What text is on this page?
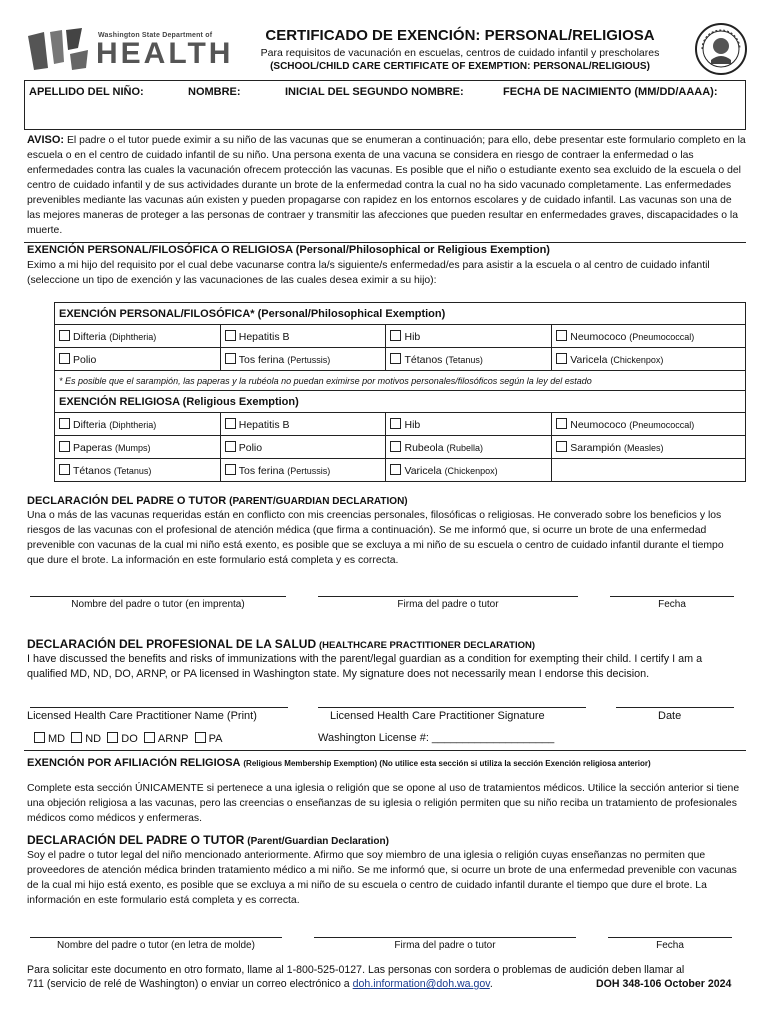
Washington State Department of
HEALTH
CERTIFICADO DE EXENCIÓN: PERSONAL/RELIGIOSA
Para requisitos de vacunación en escuelas, centros de cuidado infantil y prescholares
(SCHOOL/CHILD CARE CERTIFICATE OF EXEMPTION: PERSONAL/RELIGIOUS)
APELLIDO DEL NIÑO:	NOMBRE:	INICIAL DEL SEGUNDO NOMBRE:	FECHA DE NACIMIENTO (MM/DD/AAAA):
AVISO: El padre o el tutor puede eximir a su niño de las vacunas que se enumeran a continuación; para ello, debe presentar este formulario completo en la escuela o en el centro de cuidado infantil de su niño. Una persona exenta de una vacuna se considera en riesgo de contraer la enfermedad o las enfermedades contra las cuales la vacunación ofrecem protección las vacunas. Es posible que el niño o estudiante exento sea excluido de la escuela o del centro de cuidado infantil y de sus actividades durante un brote de la enfermedad contra la cual no ha sido vacunado completamente. Las enfermedades prevenibles mediante las vacunas aún existen y pueden propagarse con rapidez en los entornos escolares y de cuidado infantil. Las vacunas son una de las mejores maneras de proteger a las personas de contraer y transmitir las afecciones que pueden resultar en enfermedades graves, discapacidades o la muerte.
EXENCIÓN PERSONAL/FILOSÓFICA O RELIGIOSA (Personal/Philosophical or Religious Exemption)
Eximo a mi hijo del requisito por el cual debe vacunarse contra la/s siguiente/s enfermedad/es para asistir a la escuela o al centro de cuidado infantil (seleccione un tipo de exención y las vacunaciones de las cuales desea eximir a su hijo):
EXENCIÓN PERSONAL/FILOSÓFICA* (Personal/Philosophical Exemption)			
Difteria (Diphtheria)	Hepatitis B	Hib	Neumococo (Pneumococcal)
Polio	Tos ferina (Pertussis)	Tétanos (Tetanus)	Varicela (Chickenpox)
* Es posible que el sarampión, las paperas y la rubéola no puedan eximirse por motivos personales/filosóficos según la ley del estado			
EXENCIÓN RELIGIOSA (Religious Exemption)			
Difteria (Diphtheria)	Hepatitis B	Hib	Neumococo (Pneumococcal)
Paperas (Mumps)	Polio	Rubeola (Rubella)	Sarampión (Measles)
Tétanos (Tetanus)	Tos ferina (Pertussis)	Varicela (Chickenpox)	
DECLARACIÓN DEL PADRE O TUTOR (PARENT/GUARDIAN DECLARATION)
Una o más de las vacunas requeridas están en conflicto con mis creencias personales, filosóficas o religiosas. He converado sobre los beneficios y los riesgos de las vacunas con el profesional de atención médica (que firma a continuación). Se me informó que, si ocurre un brote de una enfermedad prevenible con vacunas de la cual mi niño está exento, es posible que se excluya a mi niño de su escuela o centro de cuidado infantil durante el tiempo que dure el brote. La información en este formulario está completa y es correcta.
Nombre del padre o tutor (en imprenta)	Firma del padre o tutor	Fecha
DECLARACIÓN DEL PROFESIONAL DE LA SALUD (HEALTHCARE PRACTITIONER DECLARATION)
I have discussed the benefits and risks of immunizations with the parent/legal guardian as a condition for exempting their child. I certify I am a qualified MD, ND, DO, ARNP, or PA licensed in Washington state. My signature does not necessarily mean I endorse this decision.
Licensed Health Care Practitioner Name (Print)	Licensed Health Care Practitioner Signature	Date
MD ND DO ARNP PA	Washington License #: ____________________
EXENCIÓN POR AFILIACIÓN RELIGIOSA (Religious Membership Exemption) (No utilice esta sección si utiliza la sección Exención religiosa anterior)
Complete esta sección ÚNICAMENTE si pertenece a una iglesia o religión que se opone al uso de tratamientos médicos. Utilice la sección anterior si tiene una objeción religiosa a las vacunas, pero las creencias o enseñanzas de su iglesia o religión permiten que su niño reciba un tratamiento de profesionales médicos como médicos y enfermeras.
DECLARACIÓN DEL PADRE O TUTOR (Parent/Guardian Declaration)
Soy el padre o tutor legal del niño mencionado anteriormente. Afirmo que soy miembro de una iglesia o religión cuyas enseñanzas no permiten que proveedores de atención médica brinden tratamiento médico a mi niño. Se me informó que, si ocurre un brote de una enfermedad prevenible con vacunas de la cual mi hijo está exento, es posible que se excluya a mi niño de su escuela o centro de cuidado infantil durante el tiempo que dure el brote. La información en este formulario está completa y es correcta.
Nombre del padre o tutor (en letra de molde)	Firma del padre o tutor	Fecha
Para solicitar este documento en otro formato, llame al 1-800-525-0127. Las personas con sordera o problemas de audición deben llamar al
711 (servicio de relé de Washington) o enviar un correo electrónico a doh.information@doh.wa.gov.	DOH 348-106 October 2024
